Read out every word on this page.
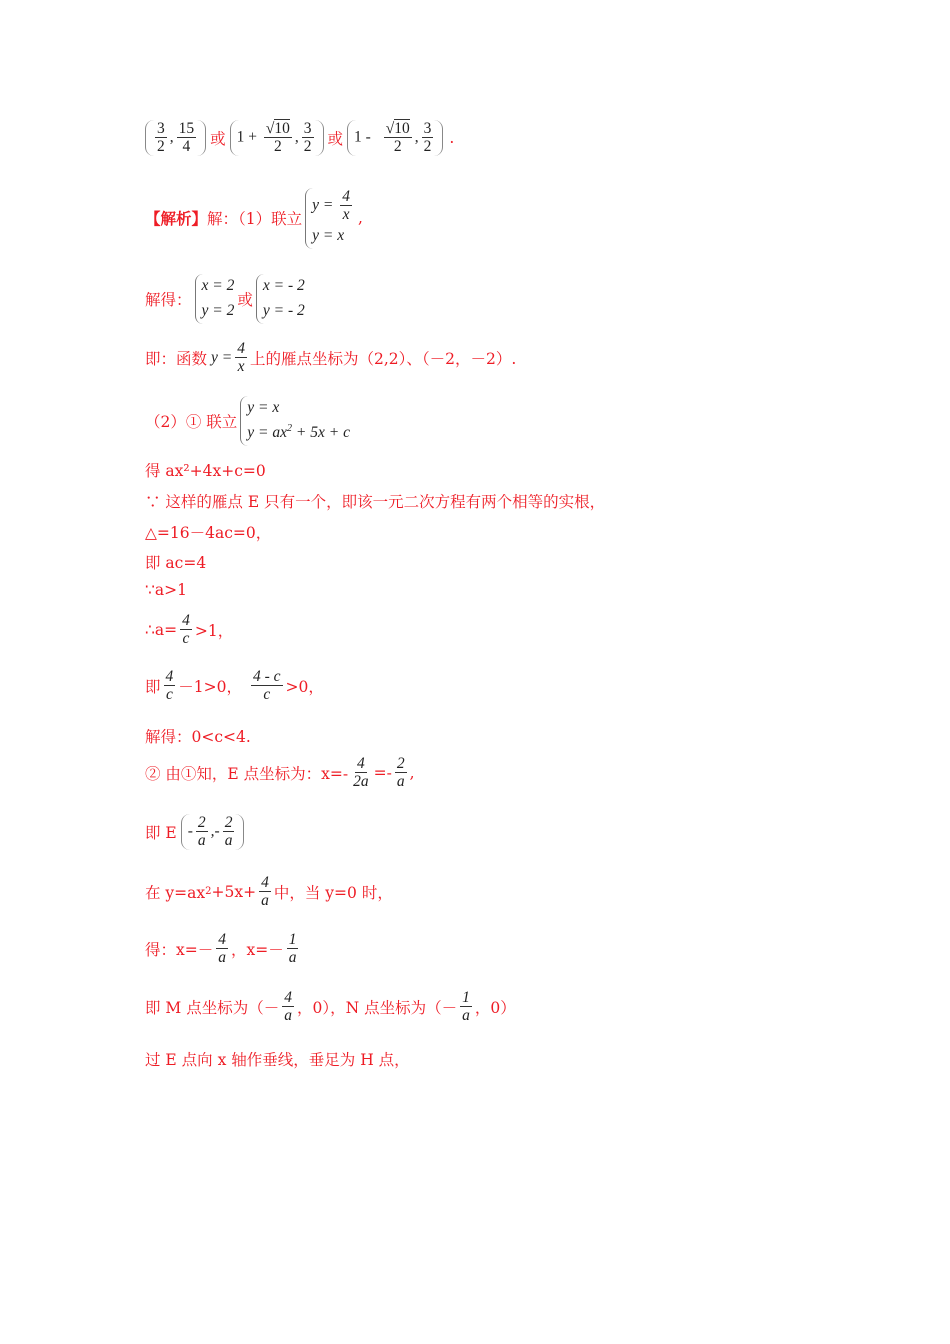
$\frac{3}{2}$ , $\frac{15}{4}$ 或 $1 + \frac{√10}{2}$ , $\frac{3}{2}$ 或 $1 - \frac{√10}{2}$ , $\frac{3}{2}$ .
【解析】 解：（1）联立
$y = \frac{4}{x}$
y = x
,
解得：
x = 2
y = 2
或
x = - 2
y = - 2
即：函数 $y = \frac{4}{x}$ 上的雁点坐标为（2,2）、（－2，－2）.
（2）① 联立
y = x
$y = ax^2 + 5x + c$
得 ax²+4x+c=0
∵ 这样的雁点 E 只有一个，即该一元二次方程有两个相等的实根，
△=16－4ac=0，
即 ac=4
∵a>1
∴a= $\frac{4}{c} >1$，
即 $\frac{4}{c} -1>0$， $\frac{4 - c}{c} >0$，
解得：0<c<4.
② 由①知，E 点坐标为：$x=- \frac{4}{2a} =- \frac{2}{a}$ ,
即 E - $\frac{2}{a}$ ,- $\frac{2}{a}$
在 y=ax $2 +5x+ \frac{4}{a}$ 中，当 y=0 时，
得：$x=- \frac{4}{a}$ ，$x=- \frac{1}{a}$
即 M 点坐标为（－ $\frac{4}{a}$ ，0），N 点坐标为（－ $\frac{1}{a}$ ，0）
过 E 点向 x 轴作垂线，垂足为 H 点，
